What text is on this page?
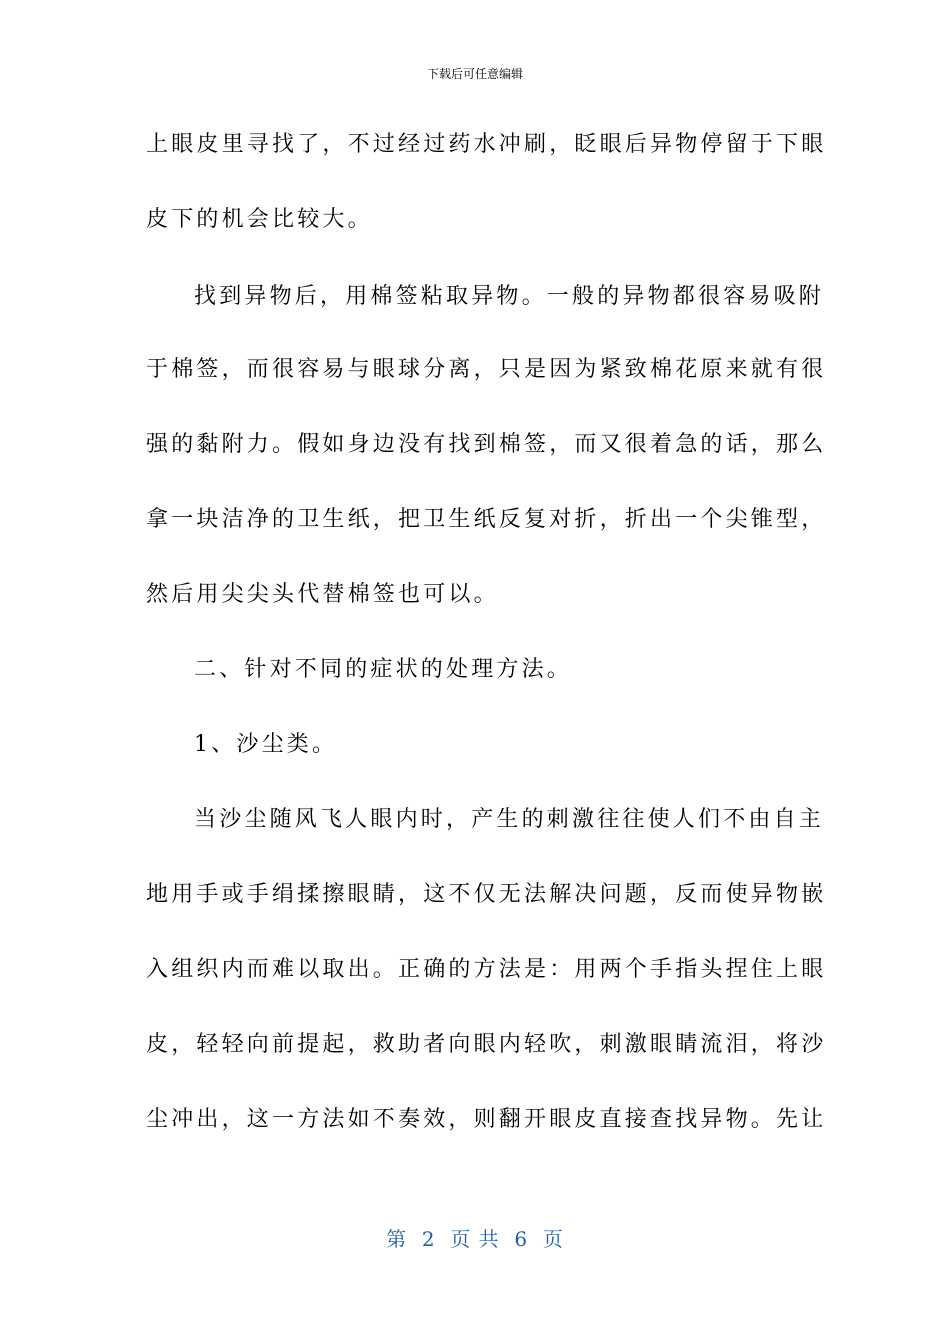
下载后可任意编辑
上眼皮里寻找了，不过经过药水冲刷，眨眼后异物停留于下眼
皮下的机会比较大。
找到异物后，用棉签粘取异物。一般的异物都很容易吸附
于棉签，而很容易与眼球分离，只是因为紧致棉花原来就有很
强的黏附力。假如身边没有找到棉签，而又很着急的话，那么
拿一块洁净的卫生纸，把卫生纸反复对折，折出一个尖锥型，
然后用尖尖头代替棉签也可以。
二、针对不同的症状的处理方法。
1、沙尘类。
当沙尘随风飞人眼内时，产生的刺激往往使人们不由自主
地用手或手绢揉擦眼睛，这不仅无法解决问题，反而使异物嵌
入组织内而难以取出。正确的方法是：用两个手指头捏住上眼
皮，轻轻向前提起，救助者向眼内轻吹，刺激眼睛流泪，将沙
尘冲出，这一方法如不奏效，则翻开眼皮直接查找异物。先让
第  2  页 共  6  页
